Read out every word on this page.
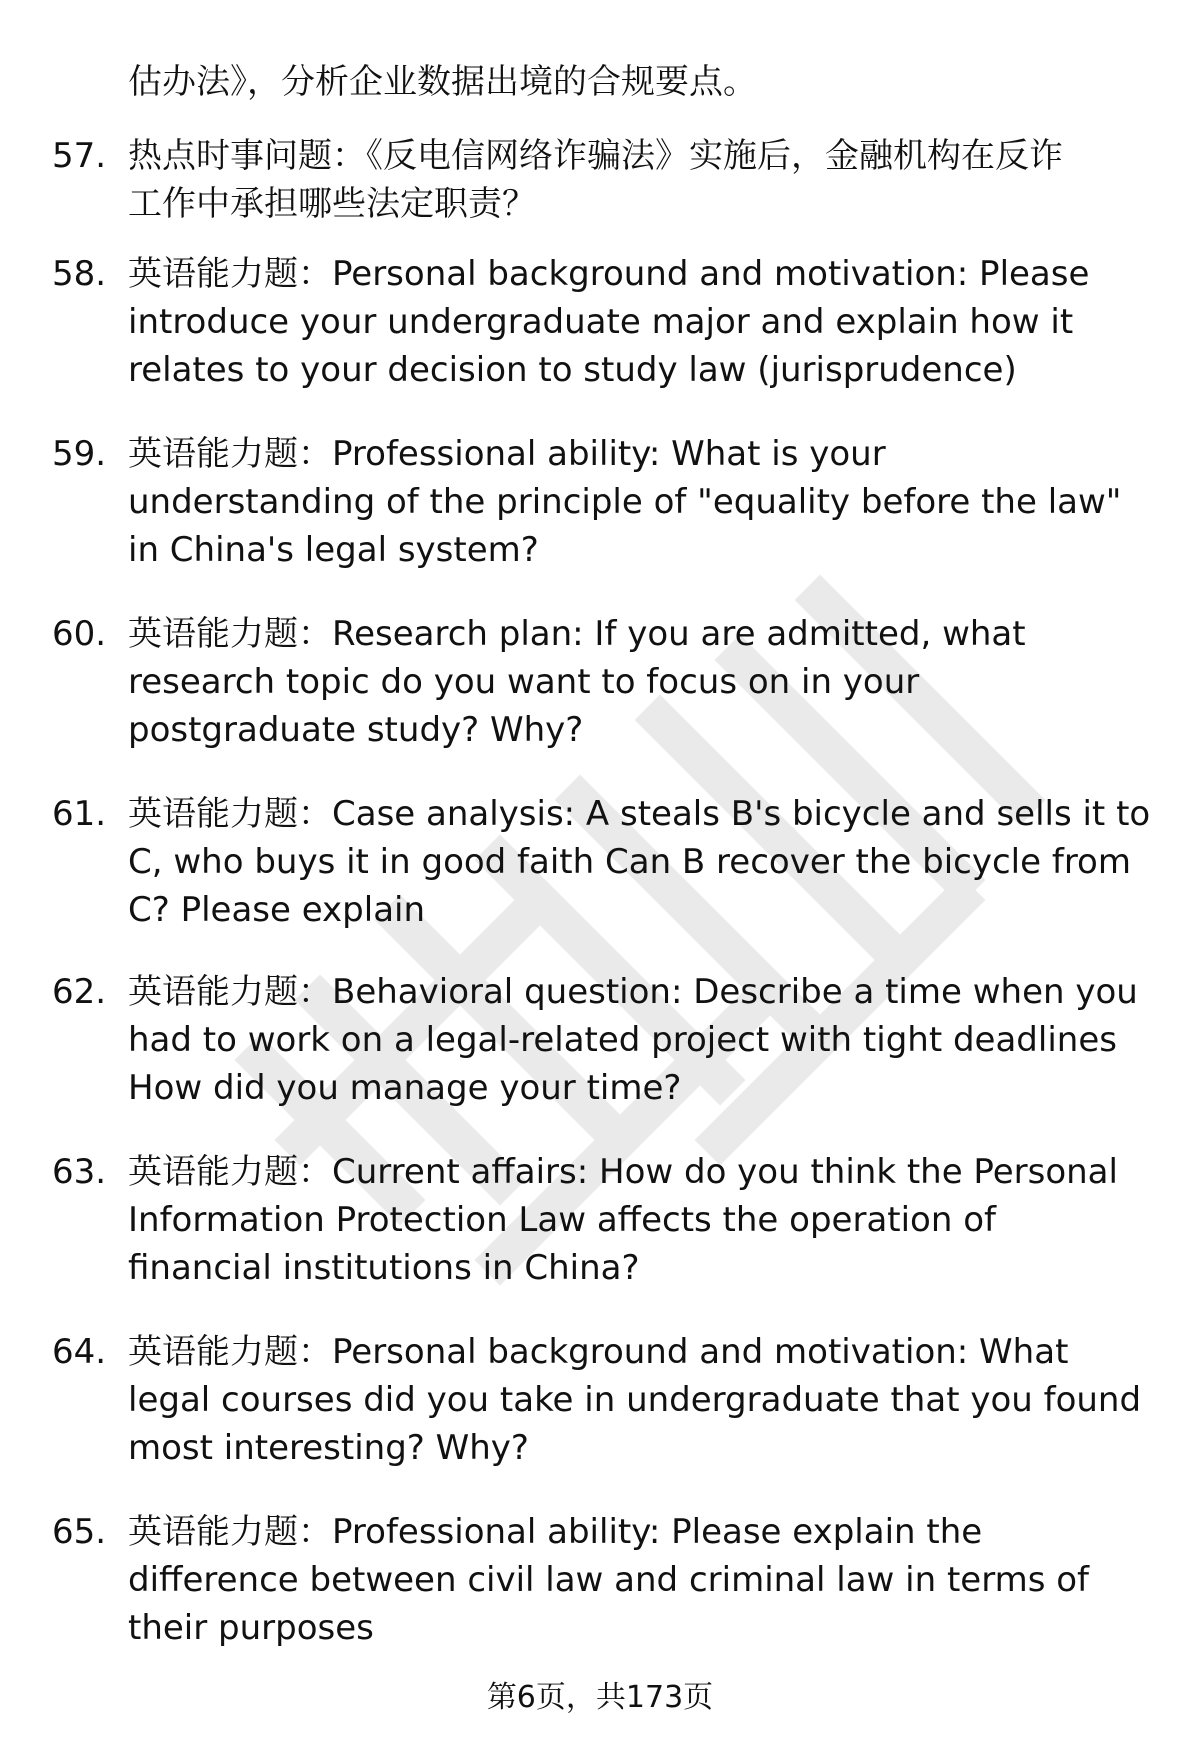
估办法》，分析企业数据出境的合规要点。
57. 热点时事问题：《反电信网络诈骗法》实施后，金融机构在反诈
工作中承担哪些法定职责？
58. 英语能力题：Personal background and motivation: Please
introduce your undergraduate major and explain how it
relates to your decision to study law (jurisprudence)
59. 英语能力题：Professional ability: What is your
understanding of the principle of "equality before the law"
in China's legal system?
60. 英语能力题：Research plan: If you are admitted, what
research topic do you want to focus on in your
postgraduate study? Why?
61. 英语能力题：Case analysis: A steals B's bicycle and sells it to
C, who buys it in good faith Can B recover the bicycle from
C? Please explain
62. 英语能力题：Behavioral question: Describe a time when you
had to work on a legal-related project with tight deadlines
How did you manage your time?
63. 英语能力题：Current affairs: How do you think the Personal
Information Protection Law affects the operation of
financial institutions in China?
64. 英语能力题：Personal background and motivation: What
legal courses did you take in undergraduate that you found
most interesting? Why?
65. 英语能力题：Professional ability: Please explain the
difference between civil law and criminal law in terms of
their purposes
第6页，共173页
